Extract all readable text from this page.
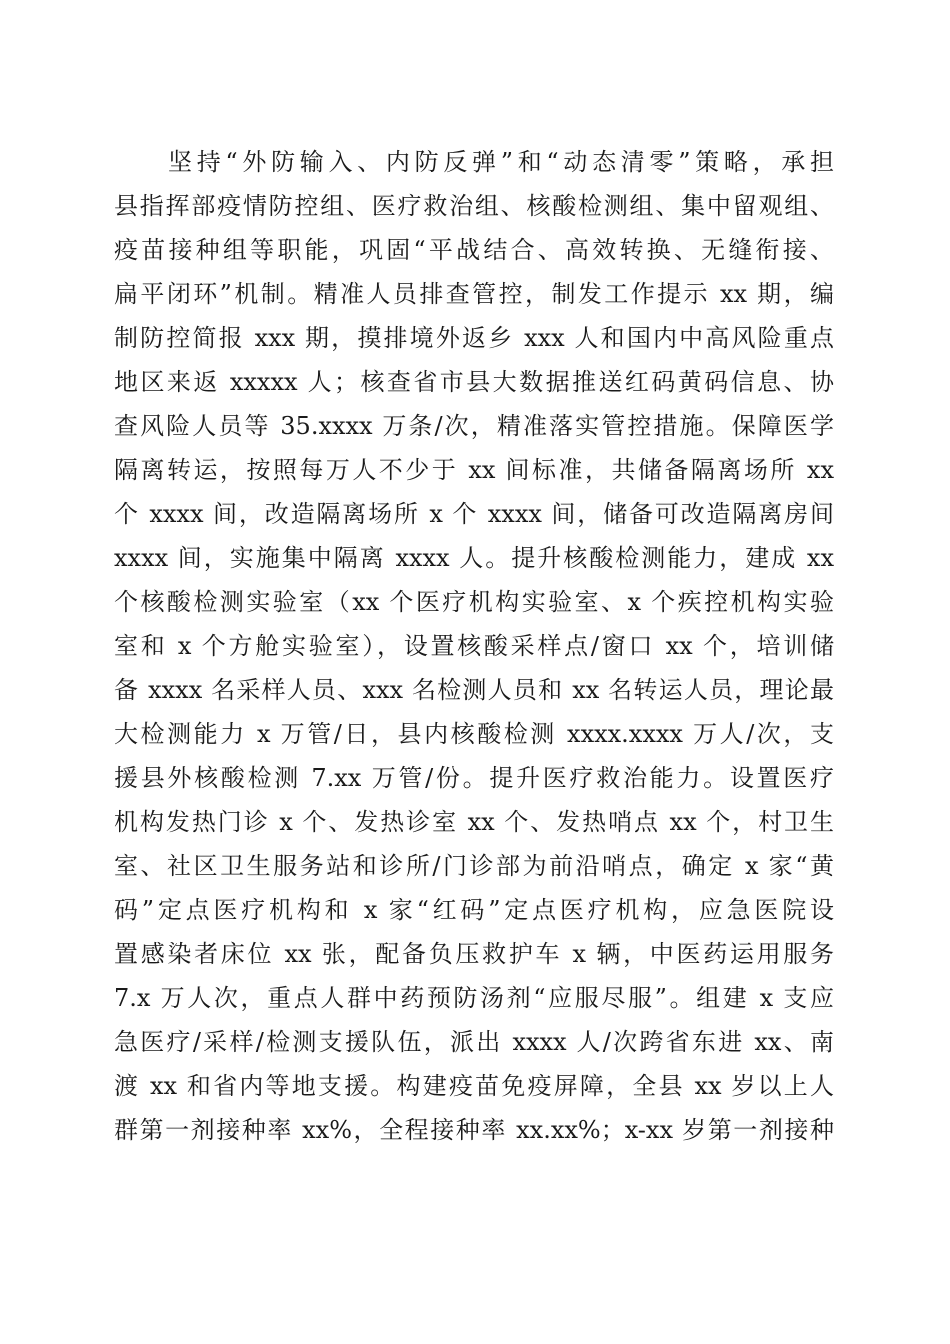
坚持“外防输入、内防反弹”和“动态清零”策略，承担
县指挥部疫情防控组、医疗救治组、核酸检测组、集中留观组、
疫苗接种组等职能，巩固“平战结合、高效转换、无缝衔接、
扁平闭环”机制。精准人员排查管控，制发工作提示 xx 期，编
制防控简报 xxx 期，摸排境外返乡 xxx 人和国内中高风险重点
地区来返 xxxxx 人；核查省市县大数据推送红码黄码信息、协
查风险人员等 35.xxxx 万条/次，精准落实管控措施。保障医学
隔离转运，按照每万人不少于 xx 间标准，共储备隔离场所 xx
个 xxxx 间，改造隔离场所 x 个 xxxx 间，储备可改造隔离房间
xxxx 间，实施集中隔离 xxxx 人。提升核酸检测能力，建成 xx
个核酸检测实验室（xx 个医疗机构实验室、x 个疾控机构实验
室和 x 个方舱实验室），设置核酸采样点/窗口 xx 个，培训储
备 xxxx 名采样人员、xxx 名检测人员和 xx 名转运人员，理论最
大检测能力 x 万管/日，县内核酸检测 xxxx.xxxx 万人/次，支
援县外核酸检测 7.xx 万管/份。提升医疗救治能力。设置医疗
机构发热门诊 x 个、发热诊室 xx 个、发热哨点 xx 个，村卫生
室、社区卫生服务站和诊所/门诊部为前沿哨点，确定 x 家“黄
码”定点医疗机构和 x 家“红码”定点医疗机构，应急医院设
置感染者床位 xx 张，配备负压救护车 x 辆，中医药运用服务
7.x 万人次，重点人群中药预防汤剂“应服尽服”。组建 x 支应
急医疗/采样/检测支援队伍，派出 xxxx 人/次跨省东进 xx、南
渡 xx 和省内等地支援。构建疫苗免疫屏障，全县 xx 岁以上人
群第一剂接种率 xx%，全程接种率 xx.xx%；x-xx 岁第一剂接种
